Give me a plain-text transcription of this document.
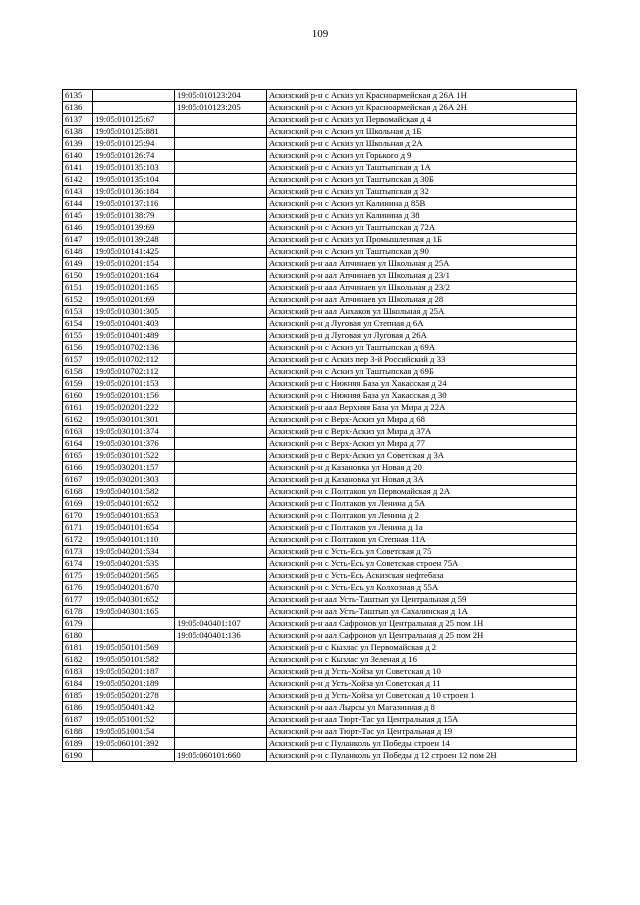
109
6135		19:05:010123:204	Аскизский р-н с Аскиз ул Красноармейская д 26А 1Н
6136		19:05:010123:205	Аскизский р-н с Аскиз ул Красноармейская д 26А 2Н
6137	19:05:010125:67		Аскизский р-н с Аскиз ул Первомайская д 4
6138	19:05:010125:881		Аскизский р-н с Аскиз ул Школьная д 1Б
6139	19:05:010125:94		Аскизский р-н с Аскиз ул Школьная д 2А
6140	19:05:010126:74		Аскизский р-н с Аскиз ул Горького д 9
6141	19:05:010135:103		Аскизский р-н с Аскиз ул Таштыпская д 1А
6142	19:05:010135:104		Аскизский р-н с Аскиз ул Таштыпская д 30Б
6143	19:05:010136:184		Аскизский р-н с Аскиз ул Таштыпская д 32
6144	19:05:010137:116		Аскизский р-н с Аскиз ул Калинина д 85В
6145	19:05:010138:79		Аскизский р-н с Аскиз ул Калинина д 38
6146	19:05:010139:69		Аскизский р-н с Аскиз ул Таштыпская д 72А
6147	19:05:010139:248		Аскизский р-н с Аскиз ул Промышленная д 1Б
6148	19:05:010141:425		Аскизский р-н с Аскиз ул Таштыпская д 90
6149	19:05:010201:154		Аскизский р-н аал Апчинаев ул Школьная д 25А
6150	19:05:010201:164		Аскизский р-н аал Апчинаев ул Школьная д 23/1
6151	19:05:010201:165		Аскизский р-н аал Апчинаев ул Школьная д 23/2
6152	19:05:010201:69		Аскизский р-н аал Апчинаев ул Школьная д 28
6153	19:05:010301:305		Аскизский р-н аал Анхаков ул Школьная д 25А
6154	19:05:010401:403		Аскизский р-н д Луговая ул Степная д 6А
6155	19:05:010401:489		Аскизский р-н д Луговая ул Луговая д 26А
6156	19:05:010702:136		Аскизский р-н с Аскиз ул Таштыпская д 69А
6157	19:05:010702:112		Аскизский р-н с Аскиз пер 3-й Российский д 33
6158	19:05:010702:112		Аскизский р-н с Аскиз ул Таштыпская д 69Б
6159	19:05:020101:153		Аскизский р-н с Нижняя База ул Хакасская д 24
6160	19:05:020101:156		Аскизский р-н с Нижняя База ул Хакасская д 30
6161	19:05:020201:222		Аскизский р-н аал Верхняя База ул Мира д 22А
6162	19:05:030101:301		Аскизский р-н с Верх-Аскиз ул Мира д 68
6163	19:05:030101:374		Аскизский р-н с Верх-Аскиз ул Мира д 37А
6164	19:05:030101:376		Аскизский р-н с Верх-Аскиз ул Мира д 77
6165	19:05:030101:522		Аскизский р-н с Верх-Аскиз ул Советская д 3А
6166	19:05:030201:157		Аскизский р-н д Казановка ул Новая д 20
6167	19:05:030201:303		Аскизский р-н д Казановка ул Новая д 3А
6168	19:05:040101:582		Аскизский р-н с Полтаков ул Первомайская д 2А
6169	19:05:040101:652		Аскизский р-н с Полтаков ул Ленина д 5А
6170	19:05:040101:653		Аскизский р-н с Полтаков ул Ленина д 2
6171	19:05:040101:654		Аскизский р-н с Полтаков ул Ленина д 1а
6172	19:05:040101:110		Аскизский р-н с Полтаков ул Степная 11А
6173	19:05:040201:534		Аскизский р-н с Усть-Есь ул Советская д 75
6174	19:05:040201:535		Аскизский р-н с Усть-Есь ул Советская строен 75А
6175	19:05:040201:565		Аскизский р-н с Усть-Есь Аскизская нефтебаза
6176	19:05:040201:670		Аскизский р-н с Усть-Есь ул Колхозная д 55А
6177	19:05:040301:652		Аскизский р-н аал Усть-Таштып ул Центральная д 59
6178	19:05:040301:165		Аскизский р-н аал Усть-Таштып ул Сахалинская д 1А
6179		19:05:040401:107	Аскизский р-н аал Сафронов ул Центральная д 25 пом 1Н
6180		19:05:040401:136	Аскизский р-н аал Сафронов ул Центральная д 25 пом 2Н
6181	19:05:050101:569		Аскизский р-н с Кызлас ул Первомайская д 2
6182	19:05:050101:582		Аскизский р-н с Кызлас ул Зеленая д 16
6183	19:05:050201:187		Аскизский р-н д Усть-Хойза ул Советская д 10
6184	19:05:050201:189		Аскизский р-н д Усть-Хойза ул Советская д 11
6185	19:05:050201:278		Аскизский р-н д Усть-Хойза ул Советская д 10 строен 1
6186	19:05:050401:42		Аскизский р-н аал Лырсы ул Магазинная д 8
6187	19:05:051001:52		Аскизский р-н аал Тюрт-Тас ул Центральная д 15А
6188	19:05:051001:54		Аскизский р-н аал Тюрт-Тас ул Центральная д 19
6189	19:05:060101:392		Аскизский р-н с Пуланколь ул Победы строен 14
6190		19:05:060101:660	Аскизский р-н с Пуланколь ул Победы д 12 строен 12 пом 2Н
